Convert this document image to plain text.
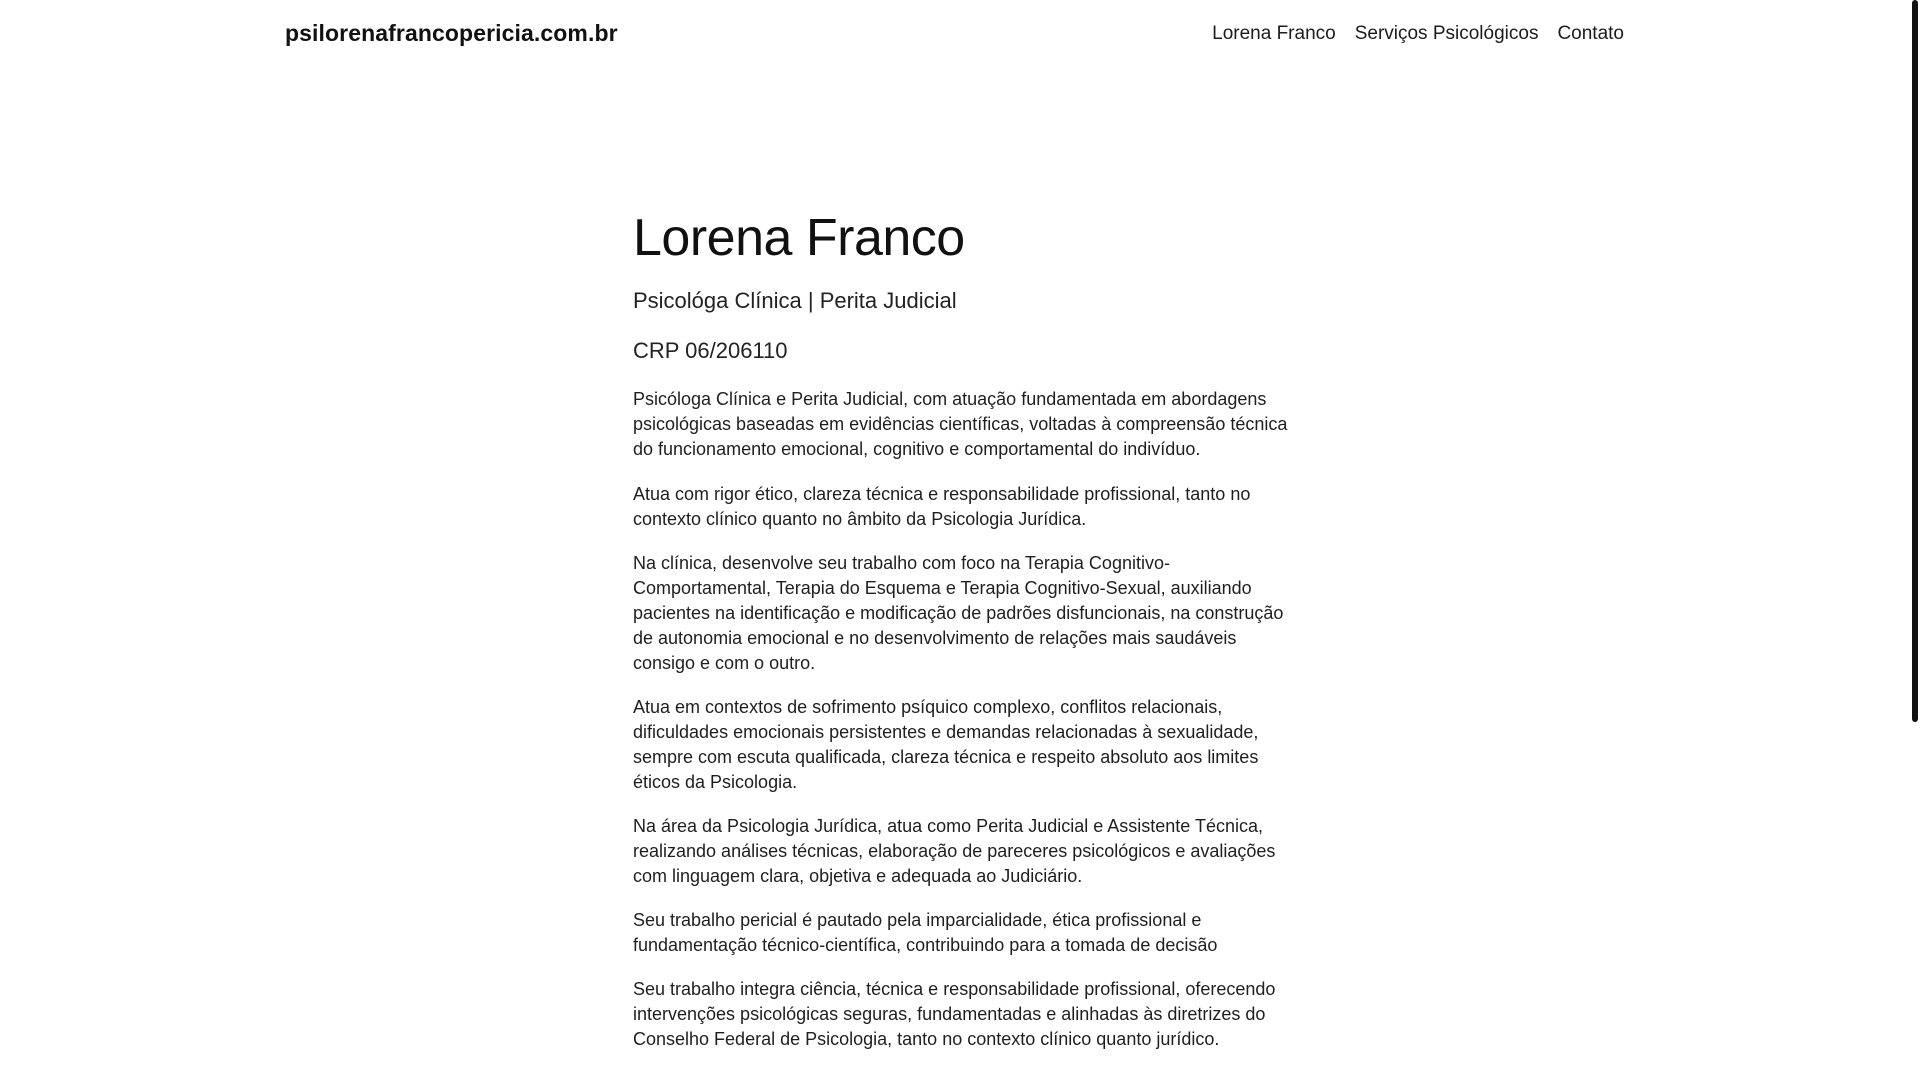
psilorenafrancopericia.com.br	Lorena Franco Serviços Psicológicos Contato
Lorena Franco

Psicológa Clínica | Perita Judicial

CRP 06/206110

Psicóloga Clínica e Perita Judicial, com atuação fundamentada em abordagens psicológicas baseadas em evidências científicas, voltadas à compreensão técnica do funcionamento emocional, cognitivo e comportamental do indivíduo.

Atua com rigor ético, clareza técnica e responsabilidade profissional, tanto no contexto clínico quanto no âmbito da Psicologia Jurídica.

Na clínica, desenvolve seu trabalho com foco na Terapia Cognitivo-Comportamental, Terapia do Esquema e Terapia Cognitivo-Sexual, auxiliando pacientes na identificação e modificação de padrões disfuncionais, na construção de autonomia emocional e no desenvolvimento de relações mais saudáveis consigo e com o outro.

Atua em contextos de sofrimento psíquico complexo, conflitos relacionais, dificuldades emocionais persistentes e demandas relacionadas à sexualidade, sempre com escuta qualificada, clareza técnica e respeito absoluto aos limites éticos da Psicologia.

Na área da Psicologia Jurídica, atua como Perita Judicial e Assistente Técnica, realizando análises técnicas, elaboração de pareceres psicológicos e avaliações com linguagem clara, objetiva e adequada ao Judiciário.

Seu trabalho pericial é pautado pela imparcialidade, ética profissional e fundamentação técnico-científica, contribuindo para a tomada de decisão

Seu trabalho integra ciência, técnica e responsabilidade profissional, oferecendo intervenções psicológicas seguras, fundamentadas e alinhadas às diretrizes do Conselho Federal de Psicologia, tanto no contexto clínico quanto jurídico.
